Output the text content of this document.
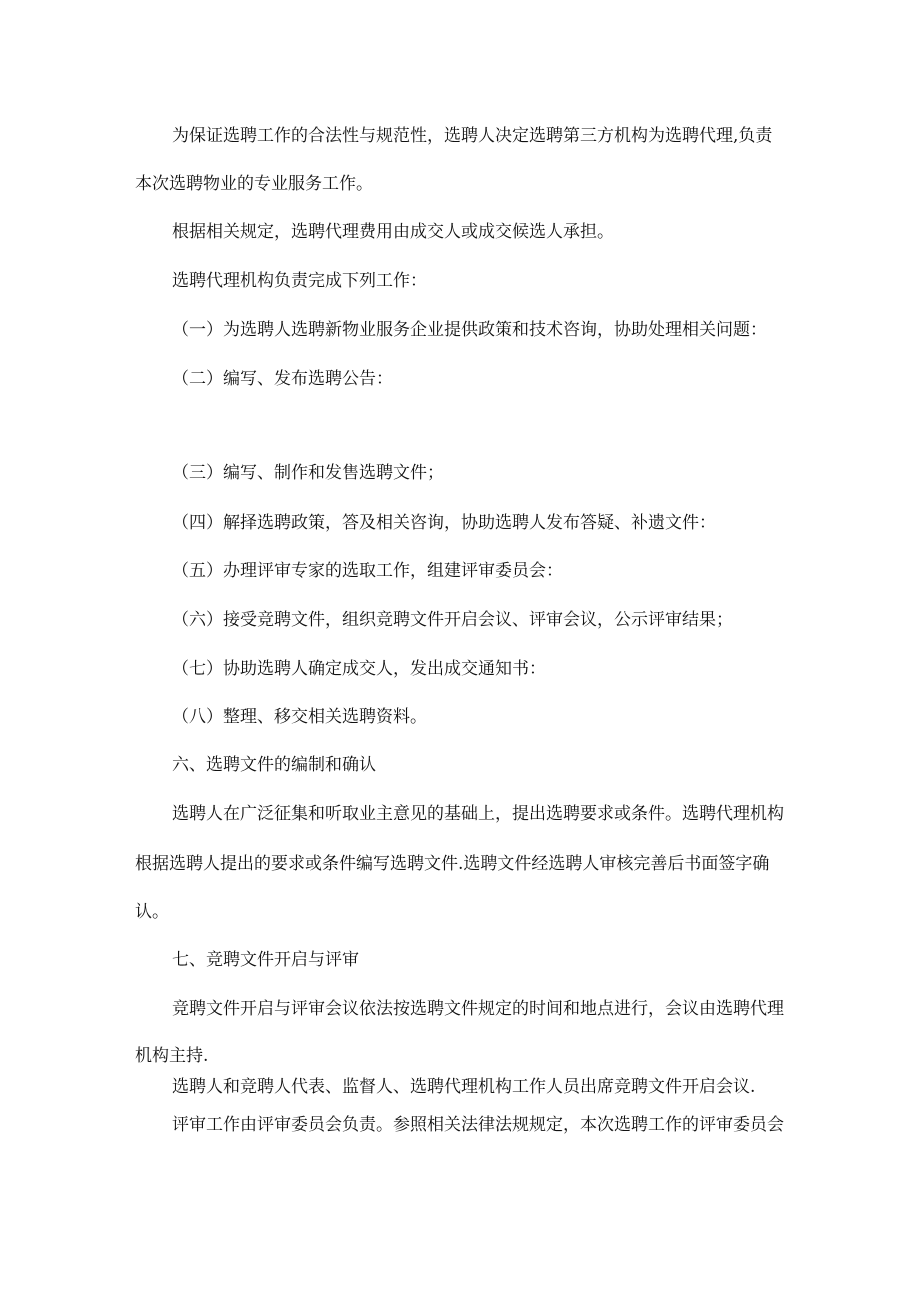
为保证选聘工作的合法性与规范性，选聘人决定选聘第三方机构为选聘代理,负责

本次选聘物业的专业服务工作。

根据相关规定，选聘代理费用由成交人或成交候选人承担。

选聘代理机构负责完成下列工作：

（一）为选聘人选聘新物业服务企业提供政策和技术咨询，协助处理相关问题：

（二）编写、发布选聘公告：

（三）编写、制作和发售选聘文件；

（四）解择选聘政策，答及相关咨询，协助选聘人发布答疑、补遗文件：

（五）办理评审专家的选取工作，组建评审委员会：

（六）接受竞聘文件，组织竞聘文件开启会议、评审会议，公示评审结果；

（七）协助选聘人确定成交人，发出成交通知书：

（八）整理、移交相关选聘资料。

六、选聘文件的编制和确认

选聘人在广泛征集和听取业主意见的基础上，提出选聘要求或条件。选聘代理机构

根据选聘人提出的要求或条件编写选聘文件.选聘文件经选聘人审核完善后书面签字确

认。

七、竞聘文件开启与评审

竞聘文件开启与评审会议依法按选聘文件规定的时间和地点进行，会议由选聘代理

机构主持.

选聘人和竞聘人代表、监督人、选聘代理机构工作人员出席竞聘文件开启会议.

评审工作由评审委员会负责。参照相关法律法规规定，本次选聘工作的评审委员会
